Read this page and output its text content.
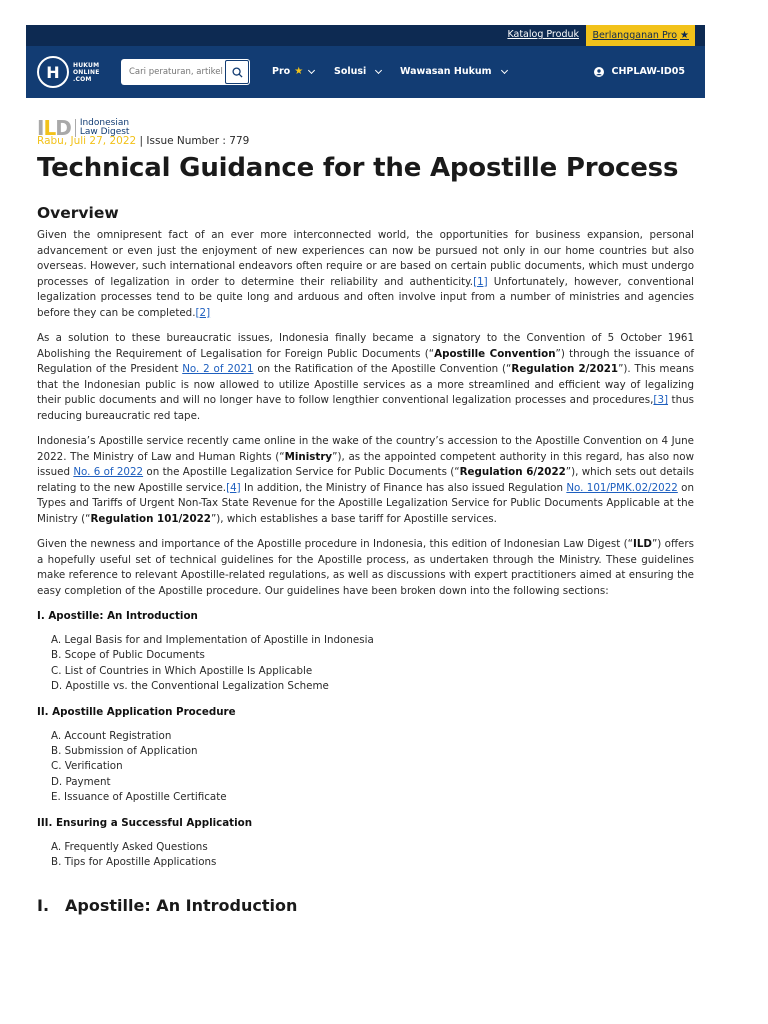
Katalog Produk Berlangganan Pro ★
H	HUKUM
ONLINE
.COM
Cari peraturan, artikel
Pro ★	Solusi	Wawasan Hukum	CHPLAW-ID05
ILD Indonesian
Law Digest
Rabu, Juli 27, 2022 | Issue Number : 779
Technical Guidance for the Apostille Process
Overview

Given the omnipresent fact of an ever more interconnected world, the opportunities for business expansion, personal advancement or even just the enjoyment of new experiences can now be pursued not only in our home countries but also overseas. However, such international endeavors often require or are based on certain public documents, which must undergo processes of legalization in order to determine their reliability and authenticity.[1] Unfortunately, however, conventional legalization processes tend to be quite long and arduous and often involve input from a number of ministries and agencies before they can be completed.[2]

As a solution to these bureaucratic issues, Indonesia finally became a signatory to the Convention of 5 October 1961 Abolishing the Requirement of Legalisation for Foreign Public Documents (“Apostille Convention”) through the issuance of Regulation of the President No. 2 of 2021 on the Ratification of the Apostille Convention (“Regulation 2/2021”). This means that the Indonesian public is now allowed to utilize Apostille services as a more streamlined and efficient way of legalizing their public documents and will no longer have to follow lengthier conventional legalization processes and procedures,[3] thus reducing bureaucratic red tape.

Indonesia’s Apostille service recently came online in the wake of the country’s accession to the Apostille Convention on 4 June 2022. The Ministry of Law and Human Rights (“Ministry”), as the appointed competent authority in this regard, has also now issued No. 6 of 2022 on the Apostille Legalization Service for Public Documents (“Regulation 6/2022”), which sets out details relating to the new Apostille service.[4] In addition, the Ministry of Finance has also issued Regulation No. 101/PMK.02/2022 on Types and Tariffs of Urgent Non-Tax State Revenue for the Apostille Legalization Service for Public Documents Applicable at the Ministry (“Regulation 101/2022”), which establishes a base tariff for Apostille services.

Given the newness and importance of the Apostille procedure in Indonesia, this edition of Indonesian Law Digest (“ILD”) offers a hopefully useful set of technical guidelines for the Apostille process, as undertaken through the Ministry. These guidelines make reference to relevant Apostille-related regulations, as well as discussions with expert practitioners aimed at ensuring the easy completion of the Apostille procedure. Our guidelines have been broken down into the following sections:

I. Apostille: An Introduction
A. Legal Basis for and Implementation of Apostille in Indonesia
B. Scope of Public Documents
C. List of Countries in Which Apostille Is Applicable
D. Apostille vs. the Conventional Legalization Scheme
II. Apostille Application Procedure
A. Account Registration
B. Submission of Application
C. Verification
D. Payment
E. Issuance of Apostille Certificate
III. Ensuring a Successful Application
A. Frequently Asked Questions
B. Tips for Apostille Applications
I. Apostille: An Introduction
